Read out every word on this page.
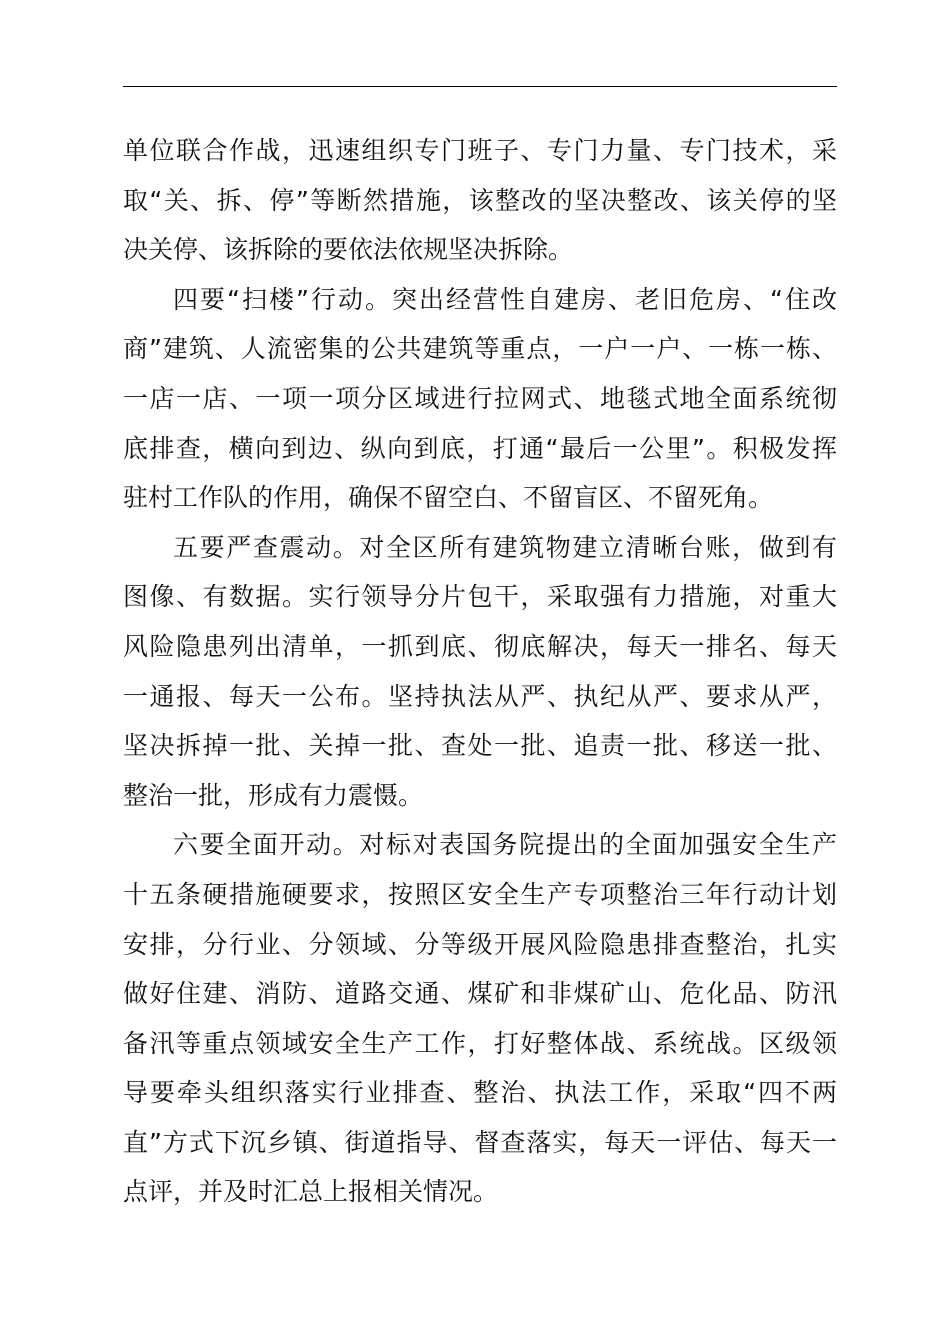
单位联合作战，迅速组织专门班子、专门力量、专门技术，采
取“关、拆、停”等断然措施，该整改的坚决整改、该关停的坚
决关停、该拆除的要依法依规坚决拆除。
四要“扫楼”行动。突出经营性自建房、老旧危房、“住改
商”建筑、人流密集的公共建筑等重点，一户一户、一栋一栋、
一店一店、一项一项分区域进行拉网式、地毯式地全面系统彻
底排查，横向到边、纵向到底，打通“最后一公里”。积极发挥
驻村工作队的作用，确保不留空白、不留盲区、不留死角。
五要严查震动。对全区所有建筑物建立清晰台账，做到有
图像、有数据。实行领导分片包干，采取强有力措施，对重大
风险隐患列出清单，一抓到底、彻底解决，每天一排名、每天
一通报、每天一公布。坚持执法从严、执纪从严、要求从严，
坚决拆掉一批、关掉一批、查处一批、追责一批、移送一批、
整治一批，形成有力震慑。
六要全面开动。对标对表国务院提出的全面加强安全生产
十五条硬措施硬要求，按照区安全生产专项整治三年行动计划
安排，分行业、分领域、分等级开展风险隐患排查整治，扎实
做好住建、消防、道路交通、煤矿和非煤矿山、危化品、防汛
备汛等重点领域安全生产工作，打好整体战、系统战。区级领
导要牵头组织落实行业排查、整治、执法工作，采取“四不两
直”方式下沉乡镇、街道指导、督查落实，每天一评估、每天一
点评，并及时汇总上报相关情况。
